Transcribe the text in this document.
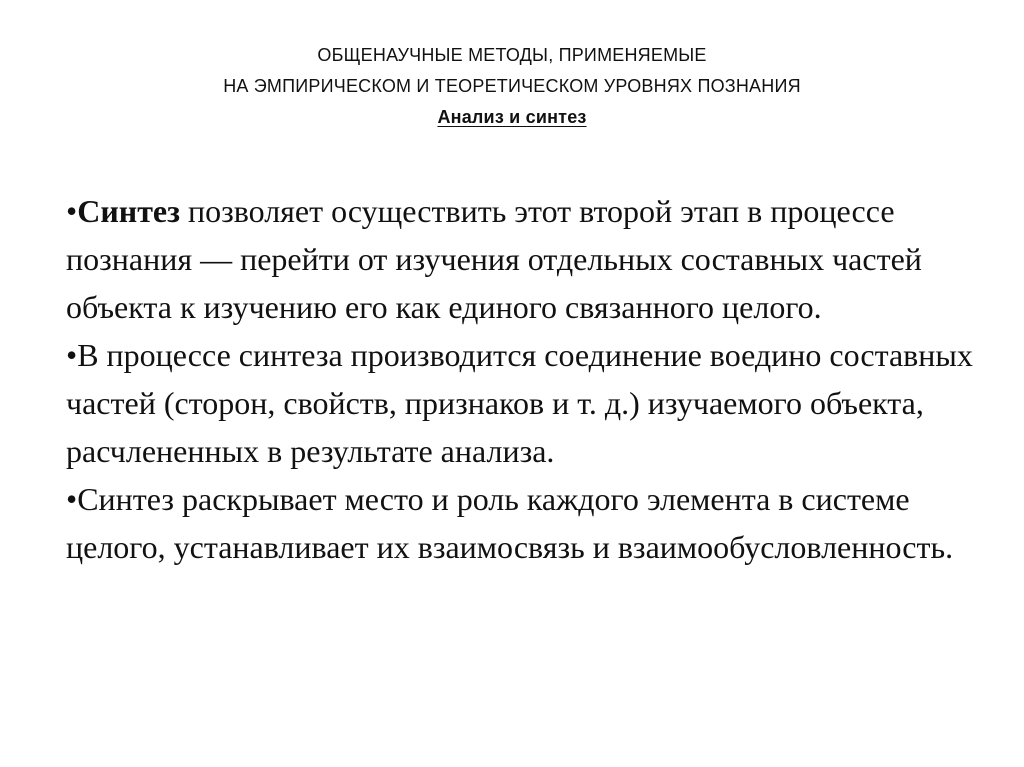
ОБЩЕНАУЧНЫЕ МЕТОДЫ, ПРИМЕНЯЕМЫЕ
НА ЭМПИРИЧЕСКОМ И ТЕОРЕТИЧЕСКОМ УРОВНЯХ ПОЗНАНИЯ
Анализ и синтез

•Синтез позволяет осуществить этот второй этап в процессе познания — перейти от изучения отдельных составных частей объекта к изучению его как единого связанного целого.

•В процессе синтеза производится соединение воедино составных частей (сторон, свойств, признаков и т. д.) изучаемого объекта, расчлененных в результате анализа.

•Синтез раскрывает место и роль каждого элемента в системе целого, устанавливает их взаимосвязь и взаимообусловленность.
